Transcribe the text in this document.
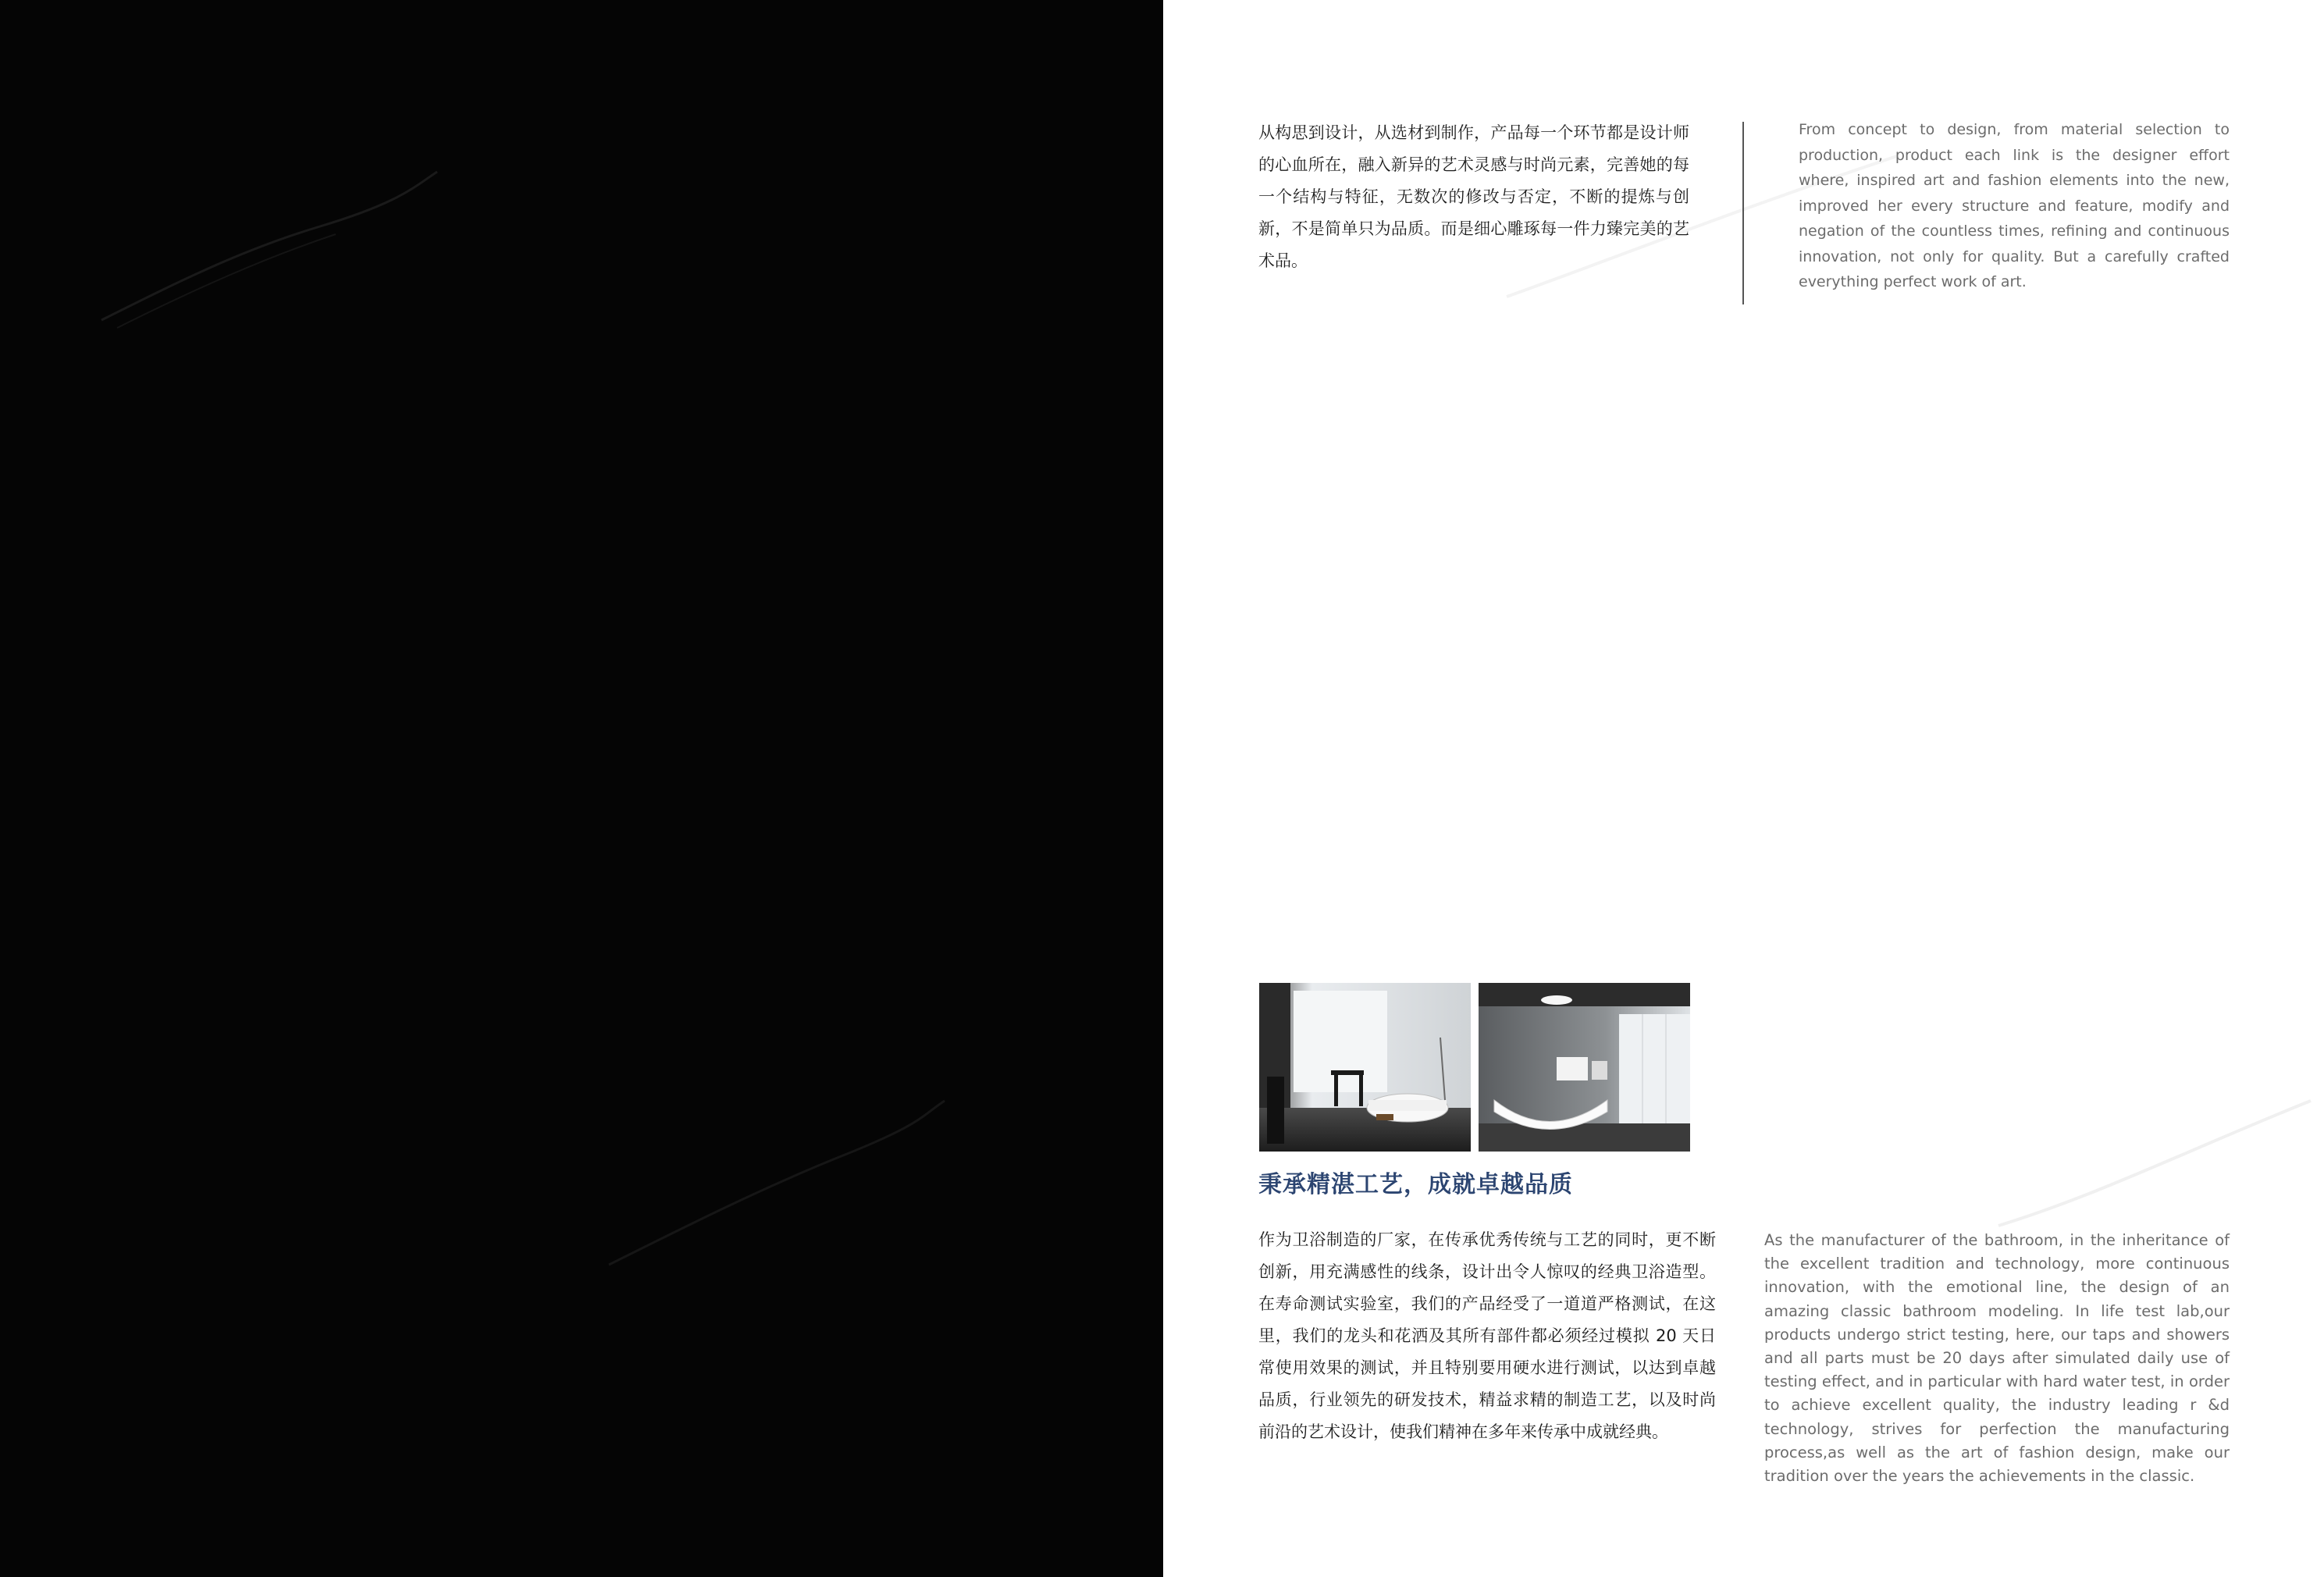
从构思到设计，从选材到制作，产品每一个环节都是设计师的心血所在，融入新异的艺术灵感与时尚元素，完善她的每一个结构与特征，无数次的修改与否定，不断的提炼与创新，不是简单只为品质。而是细心雕琢每一件力臻完美的艺术品。
From concept to design, from material selection to production, product each link is the designer effort where, inspired art and fashion elements into the new, improved her every structure and feature, modify and negation of the countless times, refining and continuous innovation, not only for quality. But a carefully crafted everything perfect work of art.
秉承精湛工艺，成就卓越品质
作为卫浴制造的厂家，在传承优秀传统与工艺的同时，更不断创新，用充满感性的线条，设计出令人惊叹的经典卫浴造型。在寿命测试实验室，我们的产品经受了一道道严格测试，在这里，我们的龙头和花洒及其所有部件都必须经过模拟 20 天日常使用效果的测试，并且特别要用硬水进行测试，以达到卓越品质，行业领先的研发技术，精益求精的制造工艺，以及时尚前沿的艺术设计，使我们精神在多年来传承中成就经典。
As the manufacturer of the bathroom, in the inheritance of the excellent tradition and technology, more continuous innovation, with the emotional line, the design of an amazing classic bathroom modeling. In life test lab,our products undergo strict testing, here, our taps and showers and all parts must be 20 days after simulated daily use of testing effect, and in particular with hard water test, in order to achieve excellent quality, the industry leading r &d technology, strives for perfection the manufacturing process,as well as the art of fashion design, make our tradition over the years the achievements in the classic.
